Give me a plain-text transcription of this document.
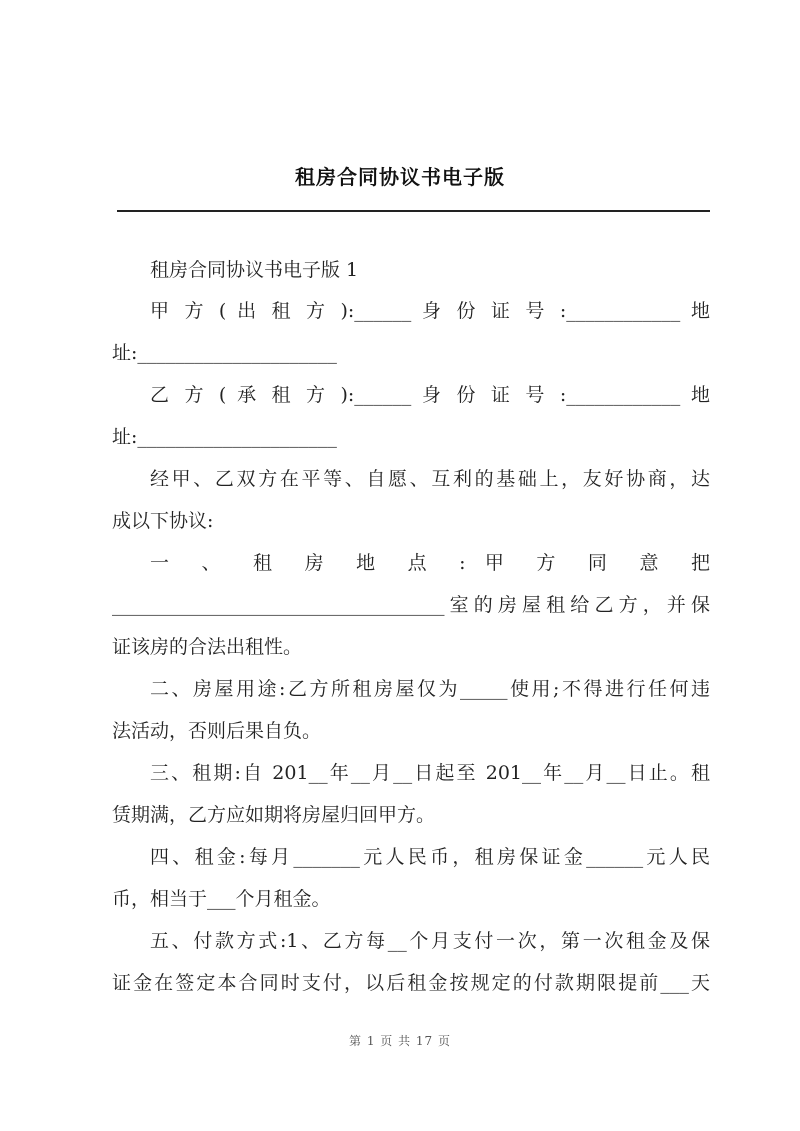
租房合同协议书电子版
租房合同协议书电子版 1
甲 方 ( 出 租 方 ):______ 身 份 证 号 :____________ 地
址:_____________________
乙 方 ( 承 租 方 ):______ 身 份 证 号 :____________ 地
址:_____________________
经甲、乙双方在平等、自愿、互利的基础上，友好协商，达
成以下协议:
一 、 租 房 地 点 : 甲 方 同 意 把
___________________________________室的房屋租给乙方，并保
证该房的合法出租性。
二、房屋用途:乙方所租房屋仅为_____使用;不得进行任何违
法活动，否则后果自负。
三、租期:自 201__年__月__日起至 201__年__月__日止。租
赁期满，乙方应如期将房屋归回甲方。
四、租金:每月_______元人民币，租房保证金______元人民
币，相当于___个月租金。
五、付款方式:1、乙方每__个月支付一次，第一次租金及保
证金在签定本合同时支付，以后租金按规定的付款期限提前___天
第 1 页 共 17 页
